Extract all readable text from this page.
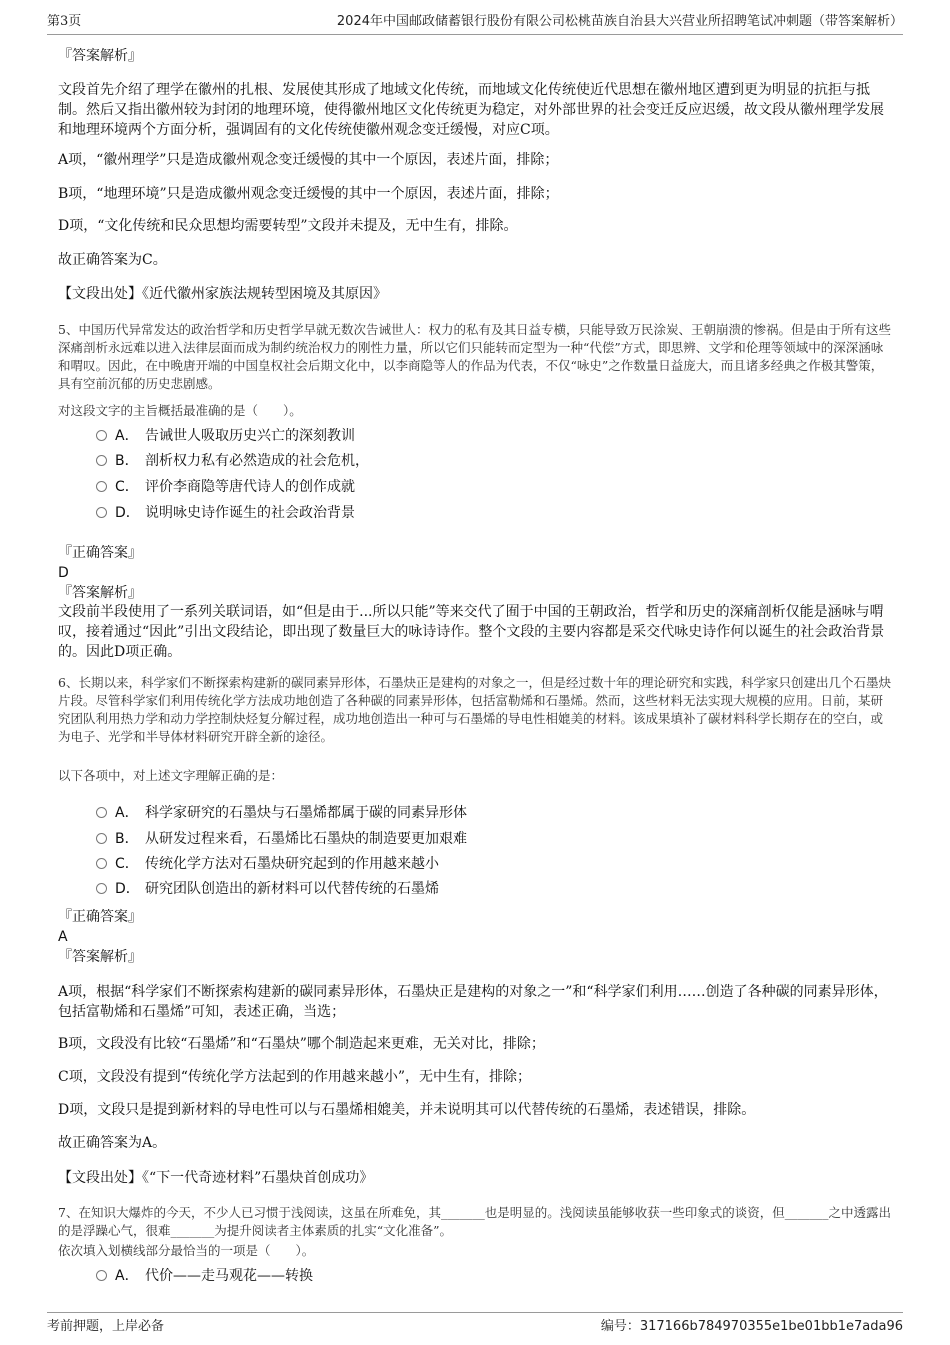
第3页	2024年中国邮政储蓄银行股份有限公司松桃苗族自治县大兴营业所招聘笔试冲刺题（带答案解析）
『答案解析』
文段首先介绍了理学在徽州的扎根、发展使其形成了地域文化传统，而地域文化传统使近代思想在徽州地区遭到更为明显的抗拒与抵制。然后又指出徽州较为封闭的地理环境，使得徽州地区文化传统更为稳定，对外部世界的社会变迁反应迟缓，故文段从徽州理学发展和地理环境两个方面分析，强调固有的文化传统使徽州观念变迁缓慢，对应C项。
A项，“徽州理学”只是造成徽州观念变迁缓慢的其中一个原因，表述片面，排除；
B项，“地理环境”只是造成徽州观念变迁缓慢的其中一个原因，表述片面，排除；
D项，“文化传统和民众思想均需要转型”文段并未提及，无中生有，排除。
故正确答案为C。
【文段出处】《近代徽州家族法规转型困境及其原因》
5、中国历代异常发达的政治哲学和历史哲学早就无数次告诫世人：权力的私有及其日益专横，只能导致万民涂炭、王朝崩溃的惨祸。但是由于所有这些深痛剖析永远难以进入法律层面而成为制约统治权力的刚性力量，所以它们只能转而定型为一种“代偿”方式，即思辨、文学和伦理等领域中的深深涵咏和喟叹。因此，在中晚唐开端的中国皇权社会后期文化中，以李商隐等人的作品为代表，不仅“咏史”之作数量日益庞大，而且诸多经典之作极其警策，具有空前沉郁的历史悲剧感。
对这段文字的主旨概括最准确的是（　　）。
A． 告诫世人吸取历史兴亡的深刻教训
B． 剖析权力私有必然造成的社会危机，
C． 评价李商隐等唐代诗人的创作成就
D． 说明咏史诗作诞生的社会政治背景
『正确答案』
D
『答案解析』
文段前半段使用了一系列关联词语，如“但是由于...所以只能”等来交代了囿于中国的王朝政治，哲学和历史的深痛剖析仅能是涵咏与喟叹，接着通过“因此”引出文段结论，即出现了数量巨大的咏诗诗作。整个文段的主要内容都是采交代咏史诗作何以诞生的社会政治背景的。因此D项正确。
6、长期以来，科学家们不断探索构建新的碳同素异形体，石墨炔正是建构的对象之一，但是经过数十年的理论研究和实践，科学家只创建出几个石墨炔片段。尽管科学家们利用传统化学方法成功地创造了各种碳的同素异形体，包括富勒烯和石墨烯。然而，这些材料无法实现大规模的应用。日前，某研究团队利用热力学和动力学控制炔烃复分解过程，成功地创造出一种可与石墨烯的导电性相媲美的材料。该成果填补了碳材料科学长期存在的空白，或为电子、光学和半导体材料研究开辟全新的途径。
以下各项中，对上述文字理解正确的是：
A． 科学家研究的石墨炔与石墨烯都属于碳的同素异形体
B． 从研发过程来看，石墨烯比石墨炔的制造要更加艰难
C． 传统化学方法对石墨炔研究起到的作用越来越小
D． 研究团队创造出的新材料可以代替传统的石墨烯
『正确答案』
A
『答案解析』
A项，根据“科学家们不断探索构建新的碳同素异形体，石墨炔正是建构的对象之一”和“科学家们利用……创造了各种碳的同素异形体，包括富勒烯和石墨烯”可知，表述正确，当选；
B项，文段没有比较“石墨烯”和“石墨炔”哪个制造起来更难，无关对比，排除；
C项，文段没有提到“传统化学方法起到的作用越来越小”，无中生有，排除；
D项，文段只是提到新材料的导电性可以与石墨烯相媲美，并未说明其可以代替传统的石墨烯，表述错误，排除。
故正确答案为A。
【文段出处】《“下一代奇迹材料”石墨炔首创成功》
7、在知识大爆炸的今天，不少人已习惯于浅阅读，这虽在所难免，其_______也是明显的。浅阅读虽能够收获一些印象式的谈资，但_______之中透露出的是浮躁心气，很难_______为提升阅读者主体素质的扎实“文化准备”。
依次填入划横线部分最恰当的一项是（　　）。
A． 代价——走马观花——转换
考前押题，上岸必备	编号：317166b784970355e1be01bb1e7ada96
